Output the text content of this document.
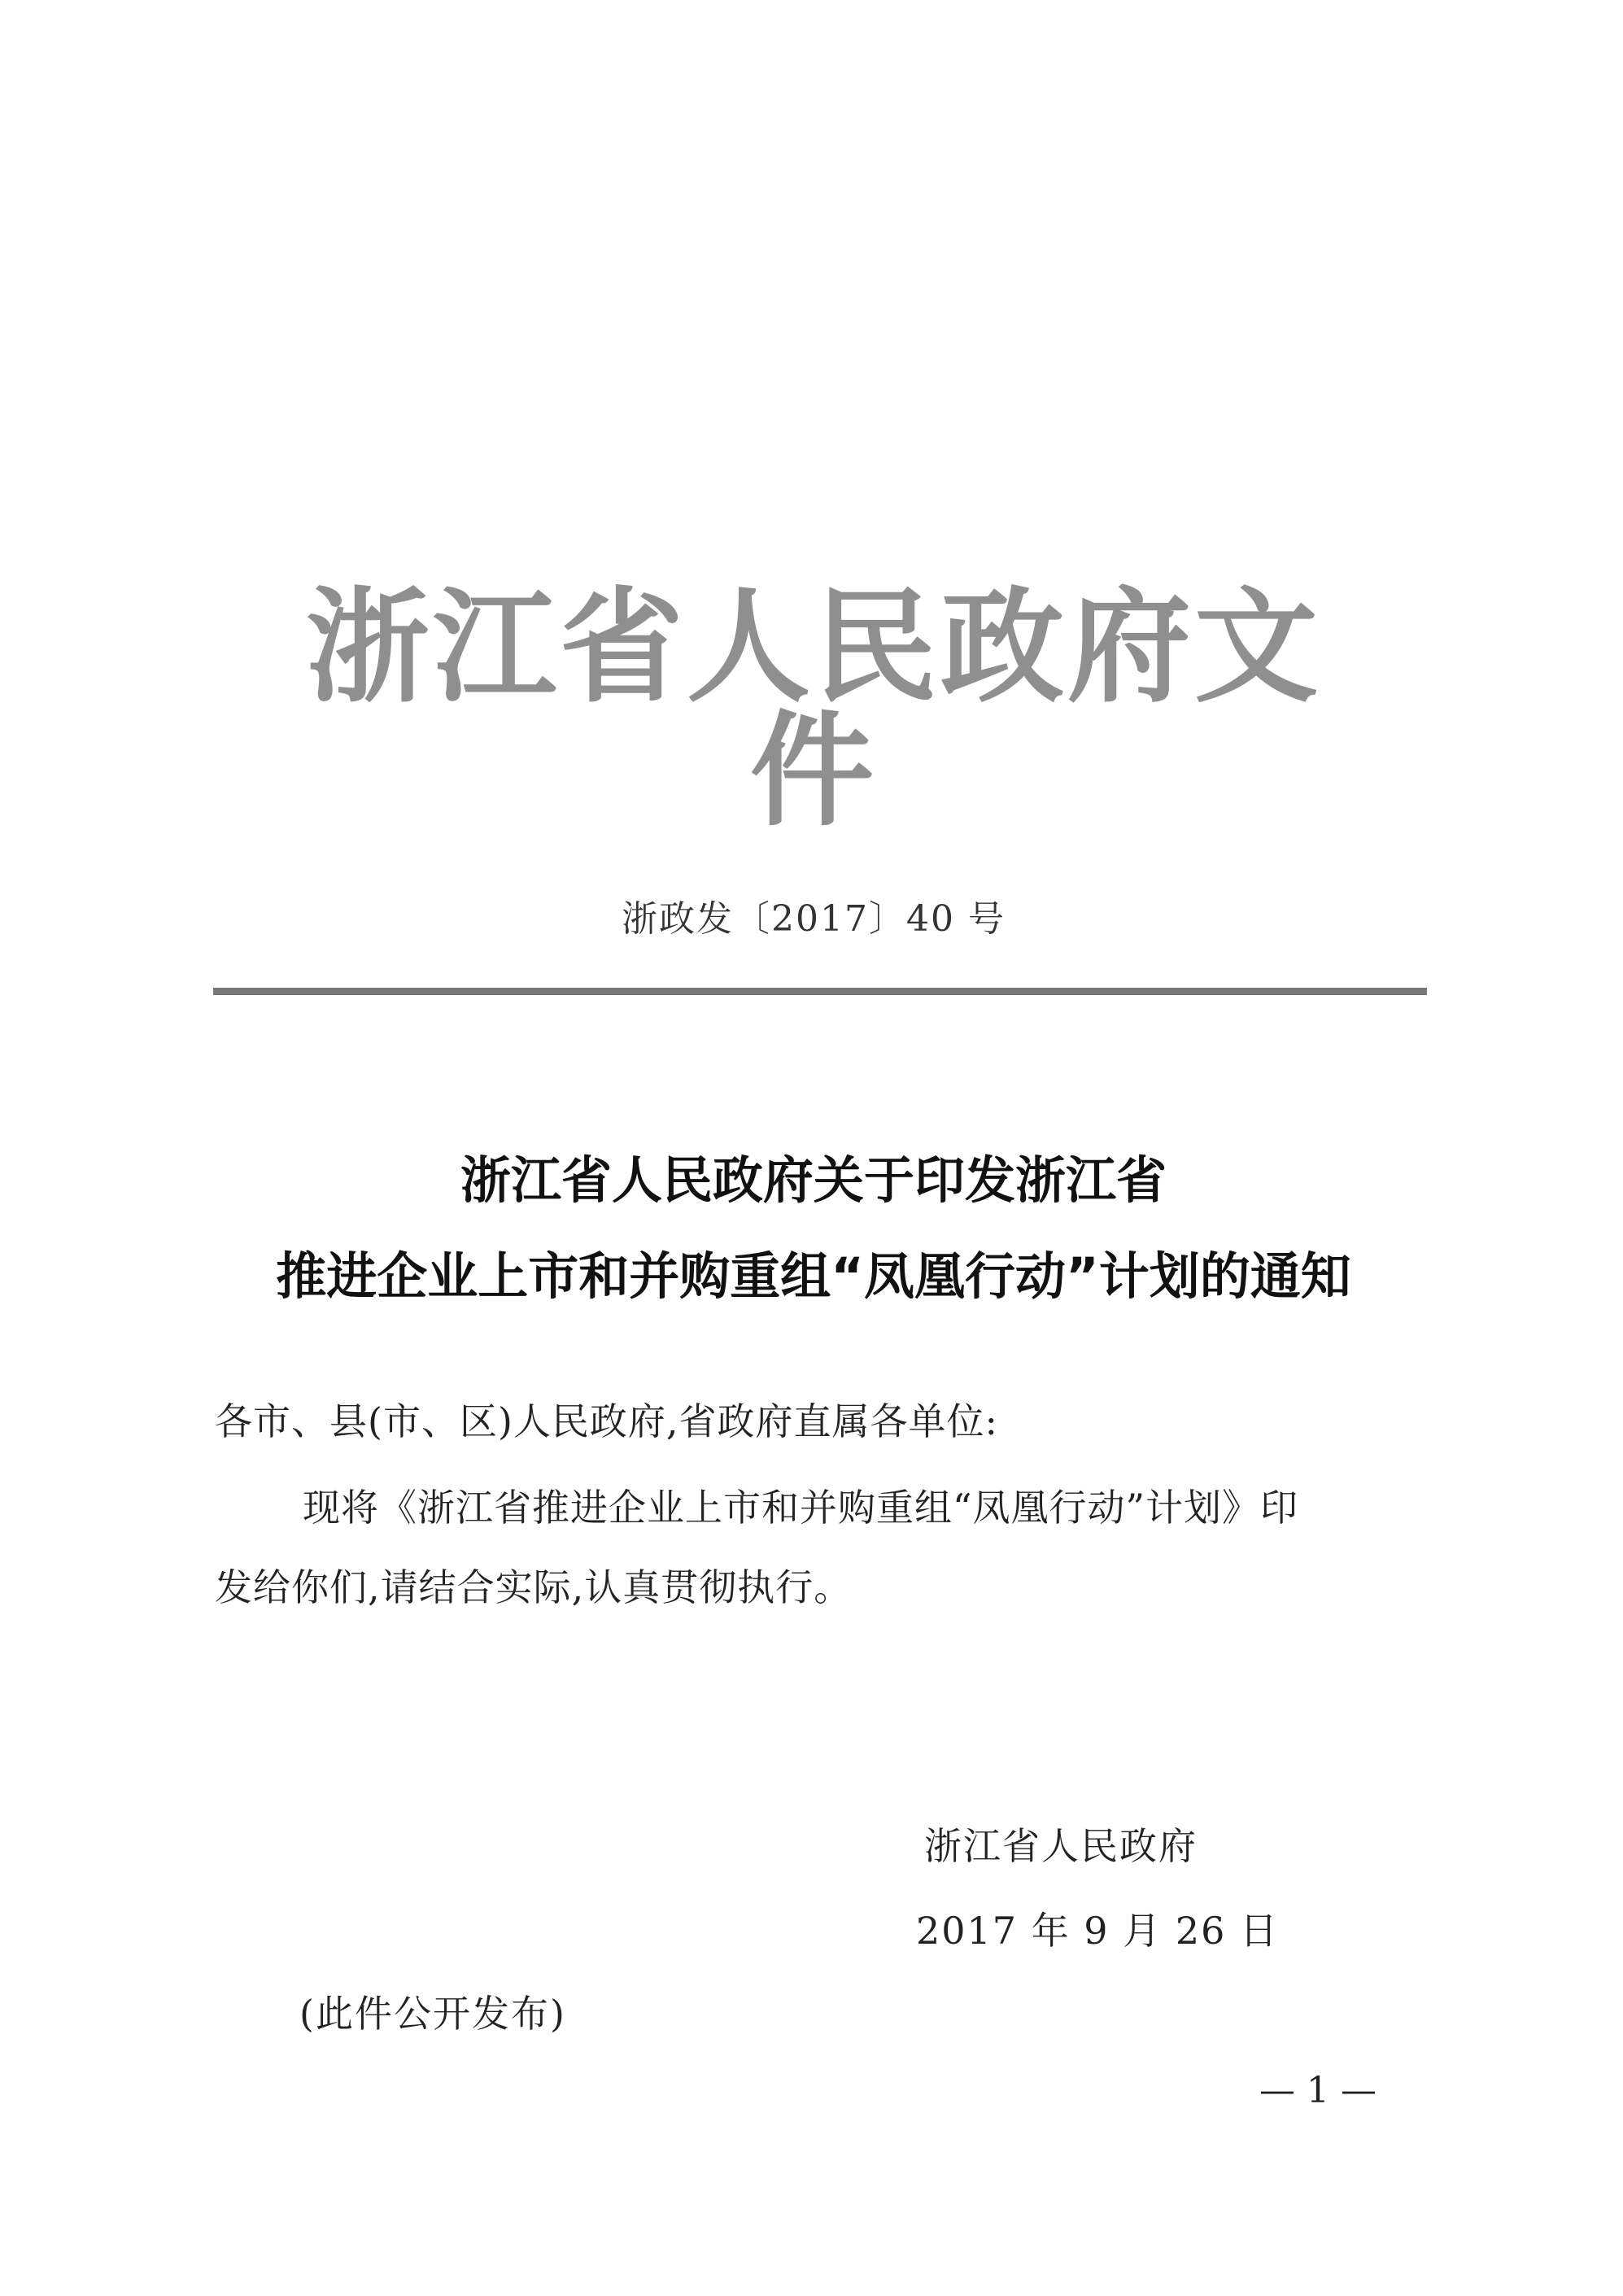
浙江省人民政府文件
浙政发〔2017〕40 号
浙江省人民政府关于印发浙江省
推进企业上市和并购重组“凤凰行动”计划的通知
各市、县(市、区)人民政府,省政府直属各单位:
现将《浙江省推进企业上市和并购重组“凤凰行动”计划》印
发给你们,请结合实际,认真贯彻执行。
浙江省人民政府
2017 年 9 月 26 日
(此件公开发布)
— 1 —
